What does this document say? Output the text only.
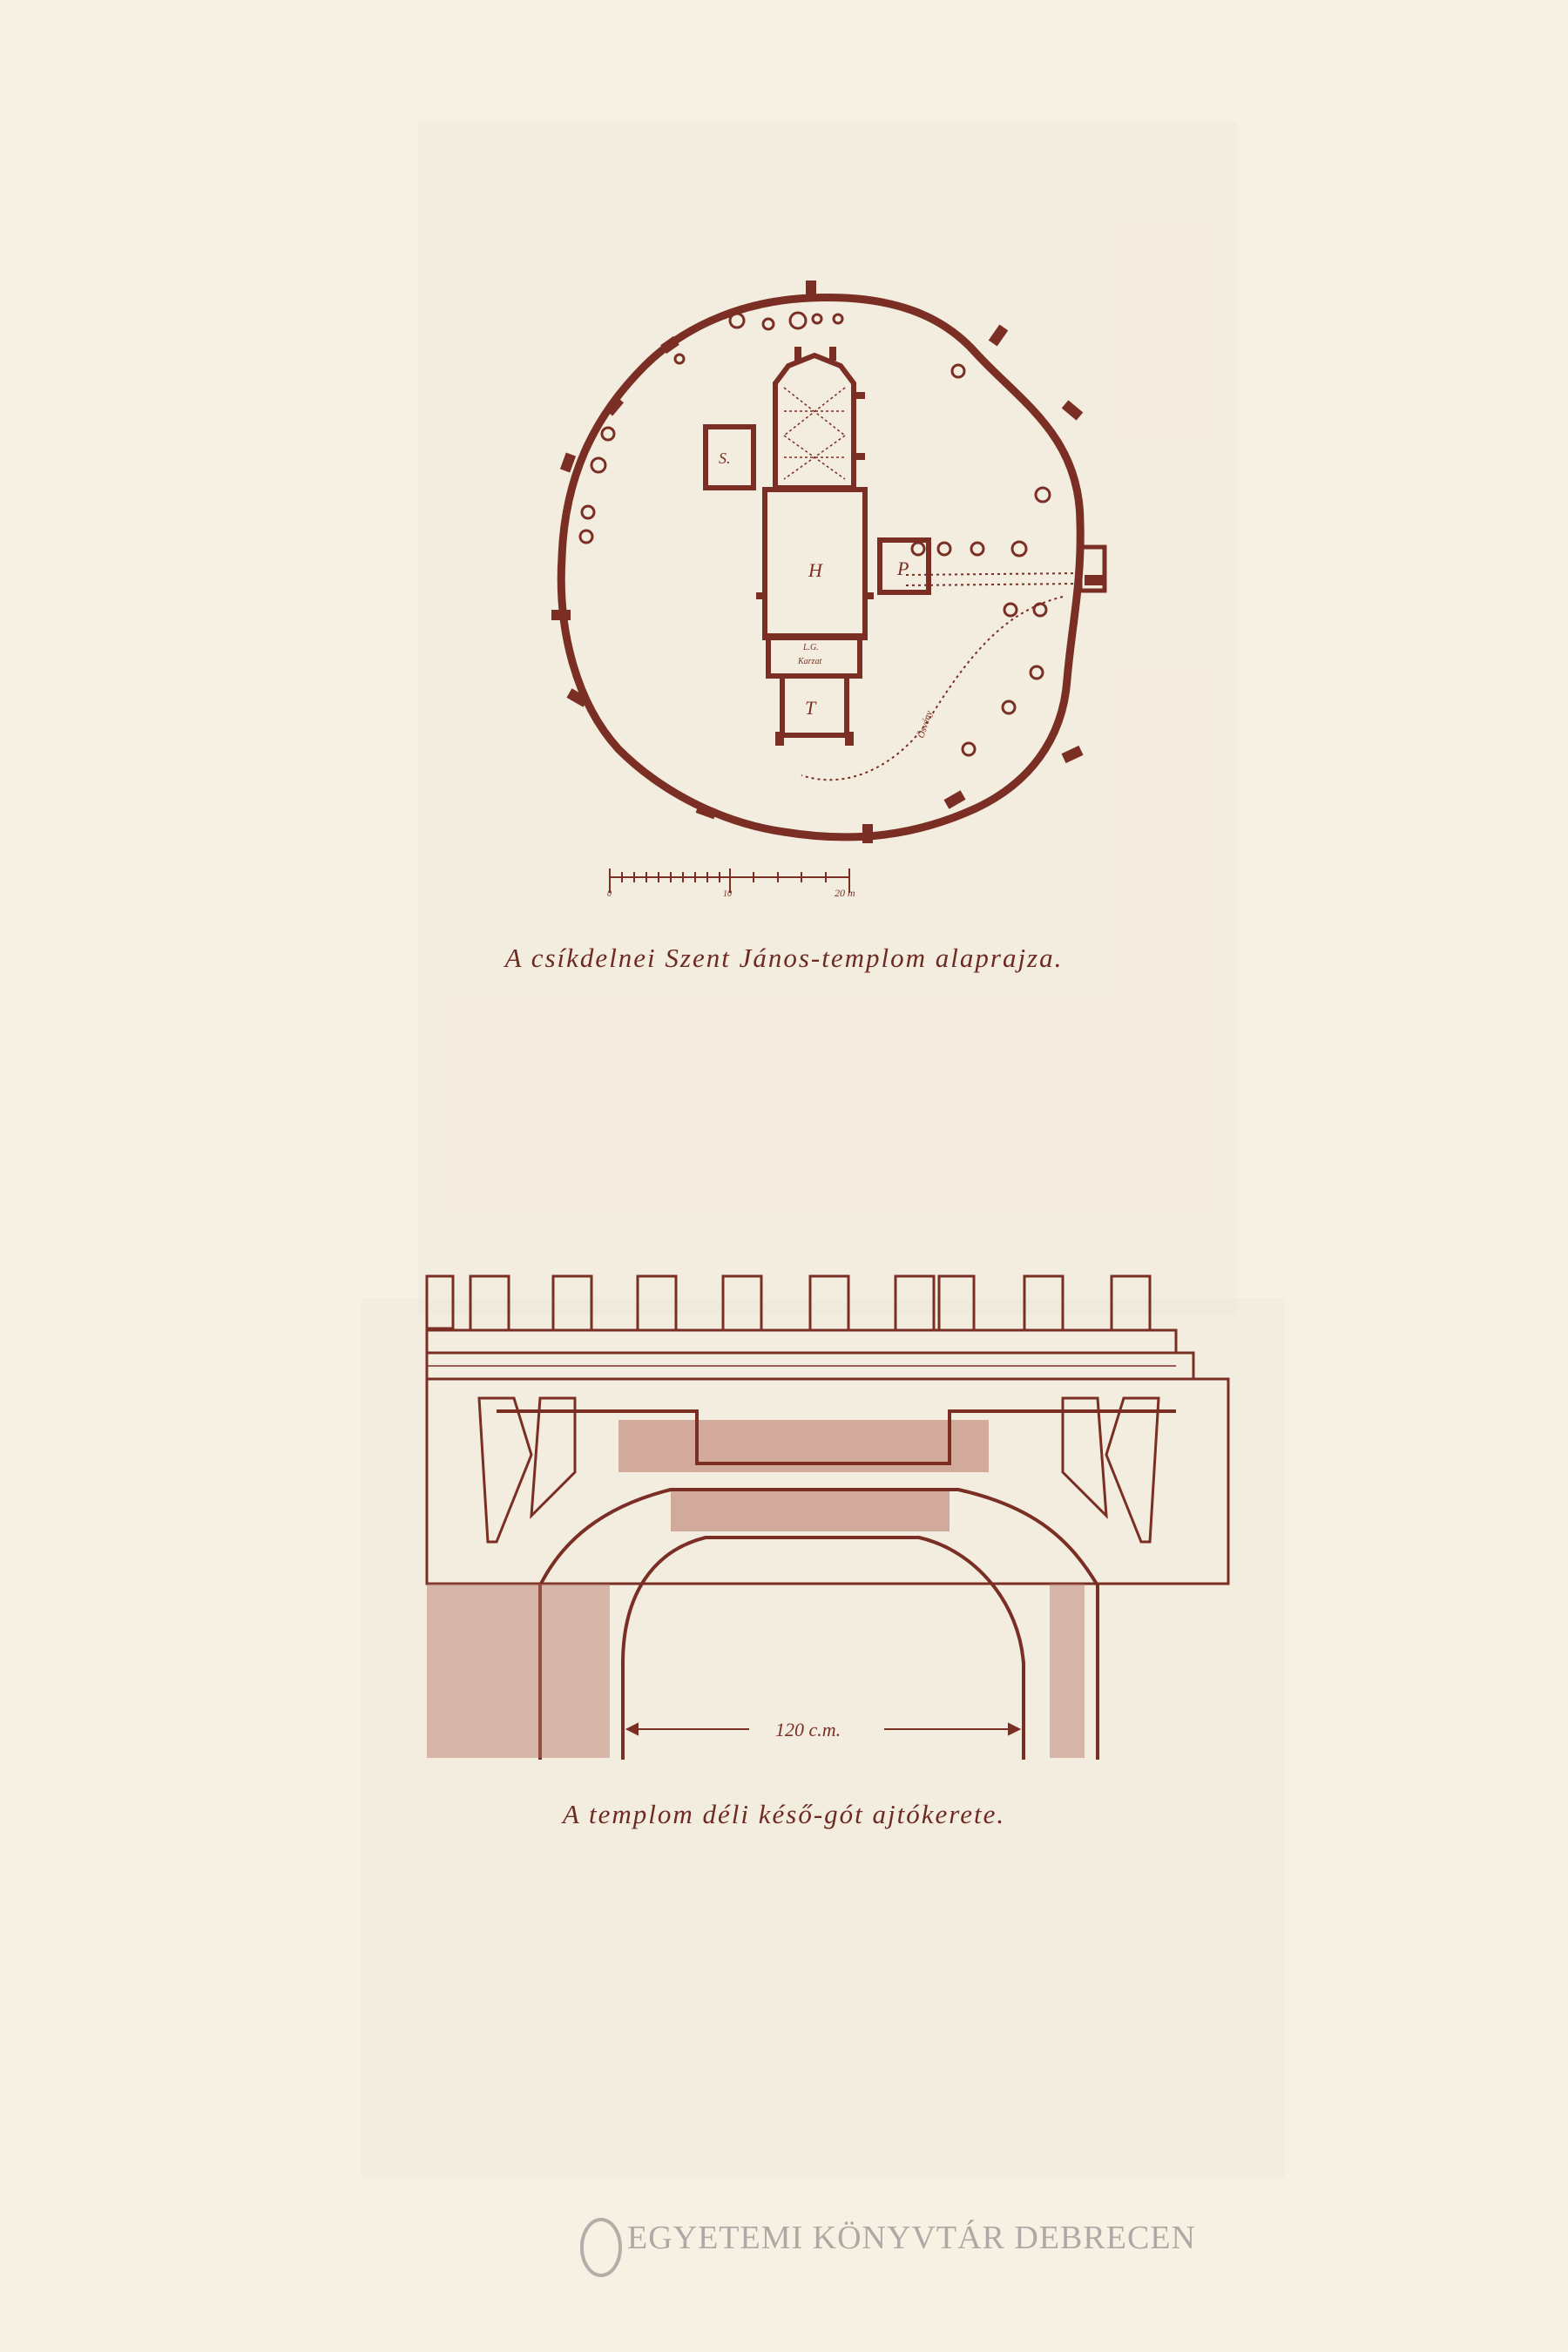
S.
H	P
T
L.G.
Karzat
Ösvény
0	10	20 m
A csíkdelnei Szent János-templom alaprajza.
120 c.m.
A templom déli késő-gót ajtókerete.
EGYETEMI KÖNYVTÁR DEBRECEN
